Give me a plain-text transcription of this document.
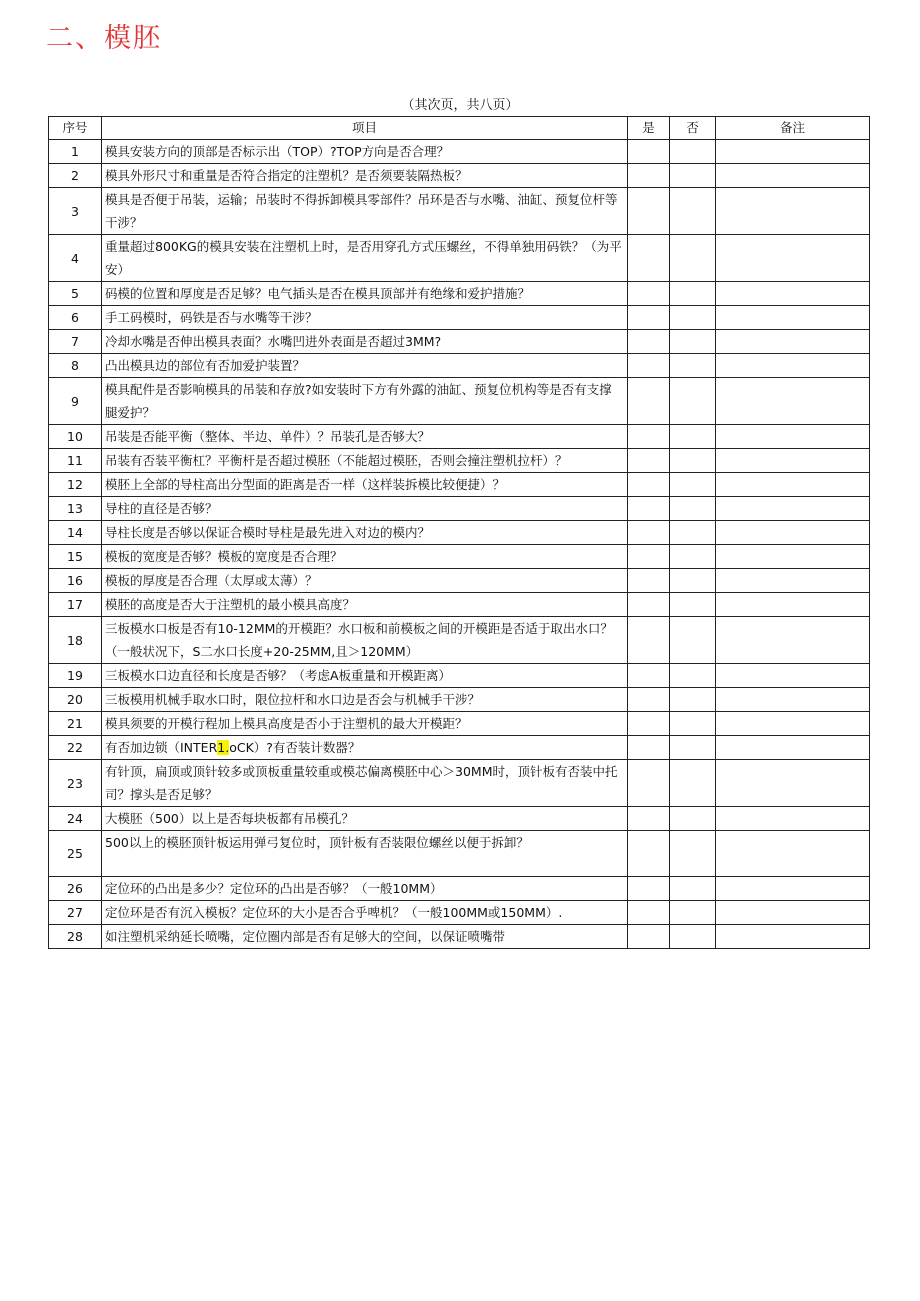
二、模胚
（其次页，共八页）
序号	项目	是	否	备注
1	模具安装方向的顶部是否标示出（TOP）?TOP方向是否合理？			
2	模具外形尺寸和重量是否符合指定的注塑机？是否须要装隔热板？			
3	模具是否便于吊装，运输；吊装时不得拆卸模具零部件？吊环是否与水嘴、油缸、预复位杆等干涉？			
4	重量超过800KG的模具安装在注塑机上时，是否用穿孔方式压螺丝，不得单独用码铁？（为平安）			
5	码模的位置和厚度是否足够？电气插头是否在模具顶部并有绝缘和爱护措施？			
6	手工码模时，码铁是否与水嘴等干涉？			
7	冷却水嘴是否伸出模具表面？水嘴凹进外表面是否超过3MM?			
8	凸出模具边的部位有否加爱护装置？			
9	模具配件是否影响模具的吊装和存放?如安装时下方有外露的油缸、预复位机构等是否有支撑腿爱护？			
10	吊装是否能平衡（整体、半边、单件）？吊装孔是否够大？			
11	吊装有否装平衡杠？平衡杆是否超过模胚（不能超过模胚，否则会撞注塑机拉杆）？			
12	模胚上全部的导柱高出分型面的距离是否一样（这样装拆模比较便捷）？			
13	导柱的直径是否够？			
14	导柱长度是否够以保证合模时导柱是最先进入对边的模内？			
15	模板的宽度是否够？模板的宽度是否合理？			
16	模板的厚度是否合理（太厚或太薄）？			
17	模胚的高度是否大于注塑机的最小模具高度？			
18	三板模水口板是否有10-12MM的开模距？水口板和前模板之间的开模距是否适于取出水口？（一般状况下，S二水口长度+20-25MM,且＞120MM）			
19	三板模水口边直径和长度是否够？（考虑A板重量和开模距离）			
20	三板模用机械手取水口时，限位拉杆和水口边是否会与机械手干涉？			
21	模具须要的开模行程加上模具高度是否小于注塑机的最大开模距？			
22	有否加边锁（INTER1.oCK）?有否装计数器？			
23	有针顶，扁顶或顶针较多或顶板重量较重或模芯偏离模胚中心＞30MM时，顶针板有否装中托司？撑头是否足够？			
24	大模胚（500）以上是否每块板都有吊模孔？			
25	500以上的模胚顶针板运用弹弓复位时，顶针板有否装限位螺丝以便于拆卸？			
26	定位环的凸出是多少？定位环的凸出是否够？（一般10MM）			
27	定位环是否有沉入模板？定位环的大小是否合乎啤机？（一般100MM或150MM）.			
28	如注塑机采纳延长喷嘴，定位圈内部是否有足够大的空间，以保证喷嘴带			
